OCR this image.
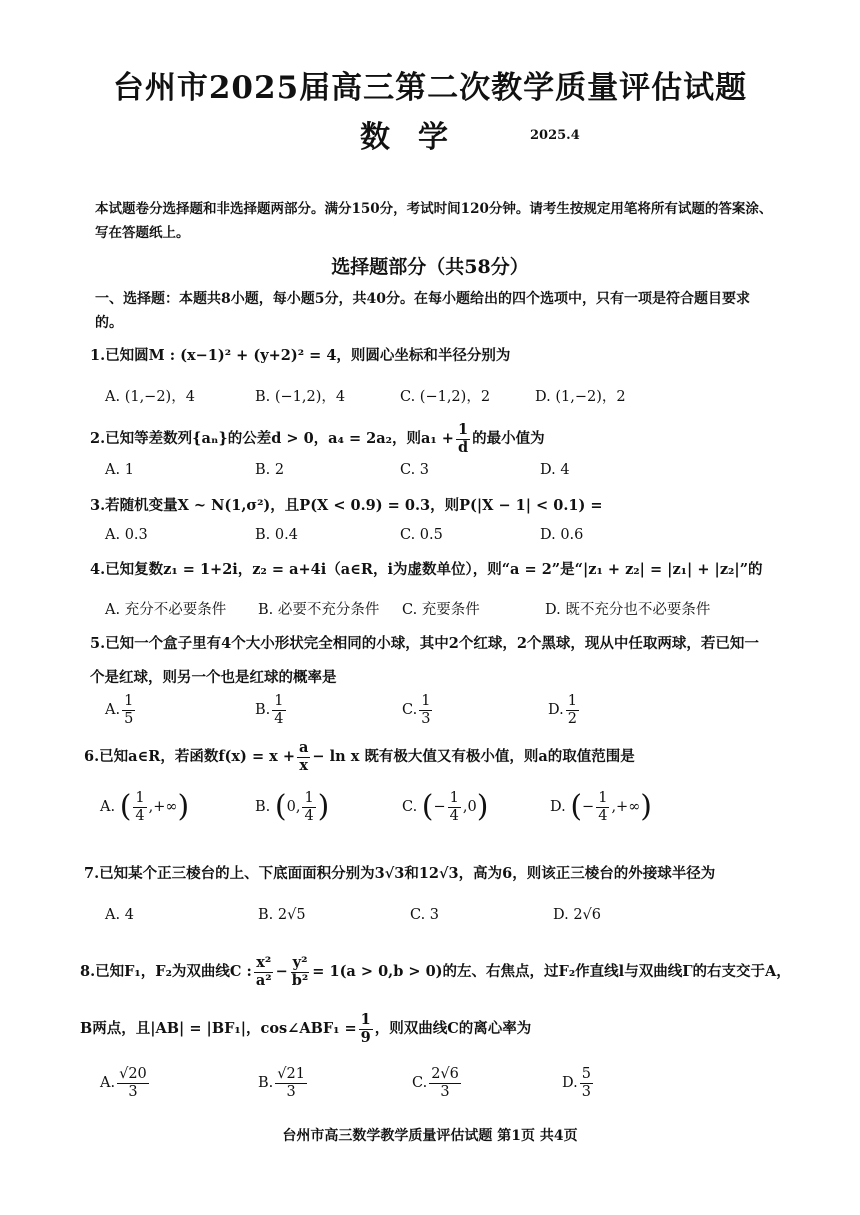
台州市2025届高三第二次教学质量评估试题
数学	2025.4
本试题卷分选择题和非选择题两部分。满分150分，考试时间120分钟。请考生按规定用笔将所有试题的答案涂、写在答题纸上。
选择题部分（共58分）
一、选择题：本题共8小题，每小题5分，共40分。在每小题给出的四个选项中，只有一项是符合题目要求的。
1.已知圆M : (x−1)² + (y+2)² = 4，则圆心坐标和半径分别为
A. (1,−2)，4	B. (−1,2)，4	C. (−1,2)，2	D. (1,−2)，2
2.已知等差数列{aₙ}的公差d > 0，a₄ = 2a₂，则$a_1 + \frac{1}{d}$ 的最小值为
A. 1	B. 2	C. 3	D. 4
3.若随机变量X ~ N(1,σ²)，且P(X < 0.9) = 0.3，则P(|X − 1| < 0.1) =
A. 0.3	B. 0.4	C. 0.5	D. 0.6
4.已知复数z₁ = 1+2i，z₂ = a+4i（a∈R，i为虚数单位），则“a = 2”是“|z₁ + z₂| = |z₁| + |z₂|”的
A. 充分不必要条件 B. 必要不充分条件 C. 充要条件	D. 既不充分也不必要条件
5.已知一个盒子里有4个大小形状完全相同的小球，其中2个红球，2个黑球，现从中任取两球，若已知一
个是红球，则另一个也是红球的概率是
A. $\frac{1}{5}$	B. $\frac{1}{4}$	C. $\frac{1}{3}$	D. $\frac{1}{2}$
6.已知a∈R，若函数$f(x) = x + \frac{a}{x} - \ln x$ 既有极大值又有极小值，则a的取值范围是
A. ( $\frac{1}{4}$ ,+∞)	B. (0, $\frac{1}{4}$ )	C. (− $\frac{1}{4} ,0$)	D. (− $\frac{1}{4}$ ,+∞)
7.已知某个正三棱台的上、下底面面积分别为3√3和12√3，高为6，则该正三棱台的外接球半径为
A. 4	B. 2√5	C. 3	D. 2√6
8.已知F₁，F₂为双曲线C : $\frac{\text{x²}}{\text{a²}} - \frac{\text{y²}}{\text{b²}} = 1(a > 0,b > 0)$的左、右焦点，过F₂作直线l与双曲线Γ的右支交于A，
B两点，且|AB| = |BF₁|，cos∠ABF₁ = $\frac{1}{9}$ ，则双曲线C的离心率为
A. $\frac{√20}{3}$	B. $\frac{√21}{3}$	C. $\frac{2√6}{3}$	D. $\frac{5}{3}$
台州市高三数学教学质量评估试题 第1页 共4页
